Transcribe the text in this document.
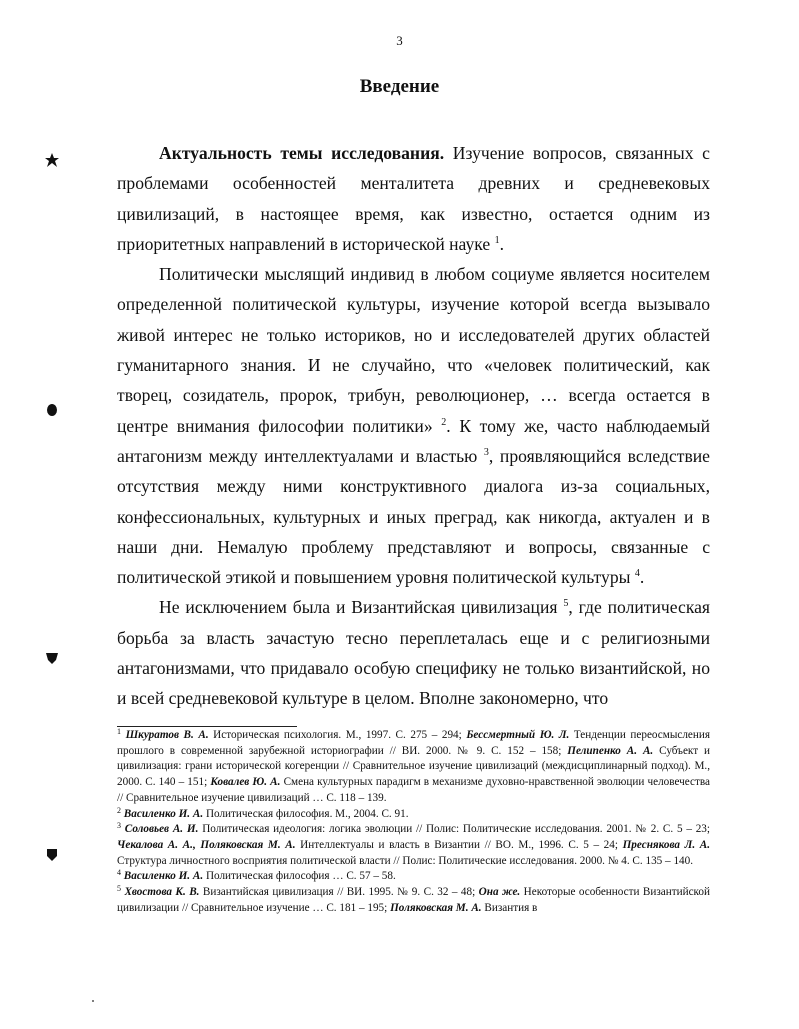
3
Введение

Актуальность темы исследования. Изучение вопросов, связанных с проблемами особенностей менталитета древних и средневековых цивилизаций, в настоящее время, как известно, остается одним из приоритетных направлений в исторической науке $^1$.

Политически мыслящий индивид в любом социуме является носителем определенной политической культуры, изучение которой всегда вызывало живой интерес не только историков, но и исследователей других областей гуманитарного знания. И не случайно, что «человек политический, как творец, созидатель, пророк, трибун, революционер, … всегда остается в центре внимания философии политики» $^2$. К тому же, часто наблюдаемый антагонизм между интеллектуалами и властью $^3$, проявляющийся вследствие отсутствия между ними конструктивного диалога из-за социальных, конфессиональных, культурных и иных преград, как никогда, актуален и в наши дни. Немалую проблему представляют и вопросы, связанные с политической этикой и повышением уровня политической культуры $^4$.

Не исключением была и Византийская цивилизация $^5$, где политическая борьба за власть зачастую тесно переплеталась еще и с религиозными антагонизмами, что придавало особую специфику не только византийской, но и всей средневековой культуре в целом. Вполне закономерно, что

$^1$ Шкуратов В. А. Историческая психология. М., 1997. С. 275 – 294; Бессмертный Ю. Л. Тенденции переосмысления прошлого в современной зарубежной историографии // ВИ. 2000. № 9. С. 152 – 158; Пелипенко А. А. Субъект и цивилизация: грани исторической когеренции // Сравнительное изучение цивилизаций (междисциплинарный подход). М., 2000. С. 140 – 151; Ковалев Ю. А. Смена культурных парадигм в механизме духовно-нравственной эволюции человечества // Сравнительное изучение цивилизаций … С. 118 – 139.

$^2$ Василенко И. А. Политическая философия. М., 2004. С. 91.

$^3$ Соловьев А. И. Политическая идеология: логика эволюции // Полис: Политические исследования. 2001. № 2. С. 5 – 23; Чекалова А. А., Поляковская М. А. Интеллектуалы и власть в Византии // ВО. М., 1996. С. 5 – 24; Преснякова Л. А. Структура личностного восприятия политической власти // Полис: Политические исследования. 2000. № 4. С. 135 – 140.

$^4$ Василенко И. А. Политическая философия … С. 57 – 58.

$^5$ Хвостова К. В. Византийская цивилизация // ВИ. 1995. № 9. С. 32 – 48; Она же. Некоторые особенности Византийской цивилизации // Сравнительное изучение … С. 181 – 195; Поляковская М. А. Византия в
